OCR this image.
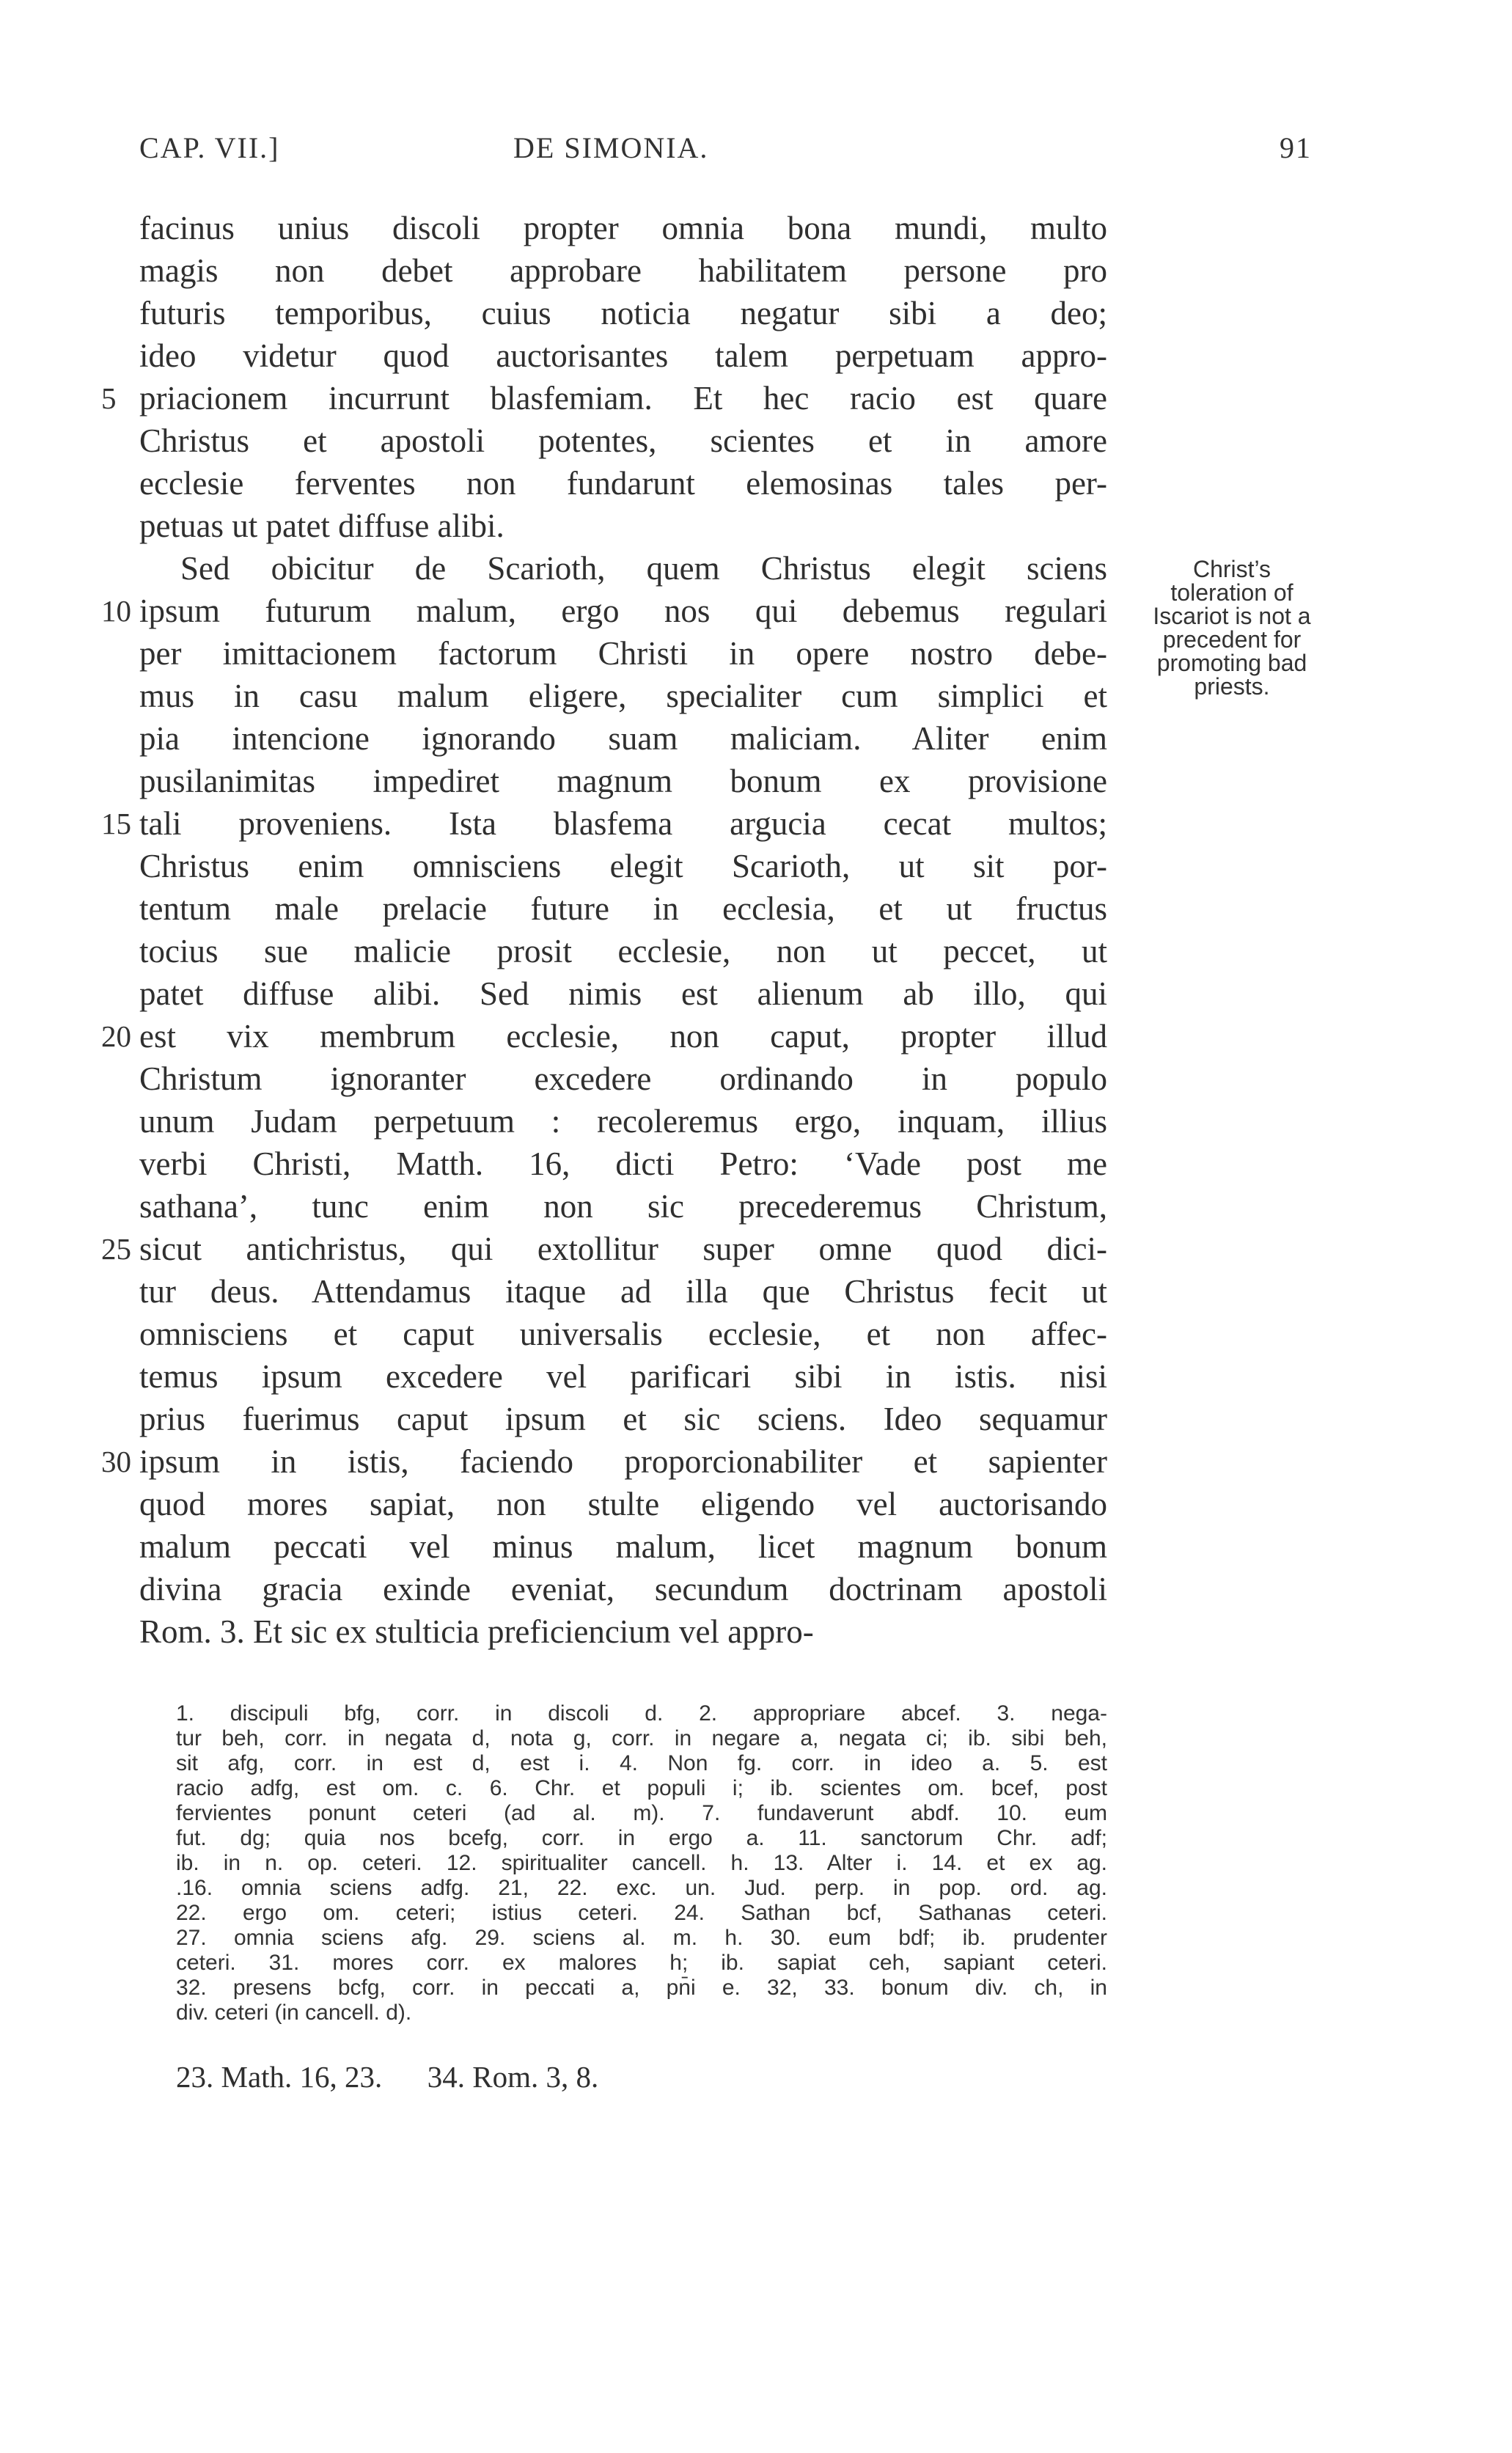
CAP. VII.]	DE SIMONIA.	91
facinus unius discoli propter omnia bona mundi, multo
magis non debet approbare habilitatem persone pro
futuris temporibus, cuius noticia negatur sibi a deo;
ideo videtur quod auctorisantes talem perpetuam appro-
5 priacionem incurrunt blasfemiam. Et hec racio est quare
Christus et apostoli potentes, scientes et in amore
ecclesie ferventes non fundarunt elemosinas tales per-
petuas ut patet diffuse alibi.
Sed obicitur de Scarioth, quem Christus elegit sciens
10 ipsum futurum malum, ergo nos qui debemus regulari
per imittacionem factorum Christi in opere nostro debe-
mus in casu malum eligere, specialiter cum simplici et
pia intencione ignorando suam maliciam. Aliter enim
pusilanimitas impediret magnum bonum ex provisione
15 tali proveniens. Ista blasfema argucia cecat multos;
Christus enim omnisciens elegit Scarioth, ut sit por-
tentum male prelacie future in ecclesia, et ut fructus
tocius sue malicie prosit ecclesie, non ut peccet, ut
patet diffuse alibi. Sed nimis est alienum ab illo, qui
20 est vix membrum ecclesie, non caput, propter illud
Christum ignoranter excedere ordinando in populo
unum Judam perpetuum : recoleremus ergo, inquam, illius
verbi Christi, Matth. 16, dicti Petro: ‘Vade post me
sathana’, tunc enim non sic precederemus Christum,
25 sicut antichristus, qui extollitur super omne quod dici-
tur deus. Attendamus itaque ad illa que Christus fecit ut
omnisciens et caput universalis ecclesie, et non affec-
temus ipsum excedere vel parificari sibi in istis. nisi
prius fuerimus caput ipsum et sic sciens. Ideo sequamur
30 ipsum in istis, faciendo proporcionabiliter et sapienter
quod mores sapiat, non stulte eligendo vel auctorisando
malum peccati vel minus malum, licet magnum bonum
divina gracia exinde eveniat, secundum doctrinam apostoli
Rom. 3. Et sic ex stulticia preficiencium vel appro-
Christ’s
toleration of
Iscariot is not a
precedent for
promoting bad
priests.
1. discipuli bfg, corr. in discoli d. 2. appropriare abcef. 3. nega-
tur beh, corr. in negata d, nota g, corr. in negare a, negata ci; ib. sibi beh,
sit afg, corr. in est d, est i. 4. Non fg. corr. in ideo a. 5. est
racio adfg, est om. c. 6. Chr. et populi i; ib. scientes om. bcef, post
fervientes ponunt ceteri (ad al. m). 7. fundaverunt abdf. 10. eum
fut. dg; quia nos bcefg, corr. in ergo a. 11. sanctorum Chr. adf;
ib. in n. op. ceteri. 12. spiritualiter cancell. h. 13. Alter i. 14. et ex ag.
.16. omnia sciens adfg. 21, 22. exc. un. Jud. perp. in pop. ord. ag.
22. ergo om. ceteri; istius ceteri. 24. Sathan bcf, Sathanas ceteri.
27. omnia sciens afg. 29. sciens al. m. h. 30. eum bdf; ib. prudenter
ceteri. 31. mores corr. ex malores h; ib. sapiat ceh, sapiant ceteri.
32. presens bcfg, corr. in peccati a, pn̄i e. 32, 33. bonum div. ch, in
div. ceteri (in cancell. d).
23. Math. 16, 23.      34. Rom. 3, 8.
